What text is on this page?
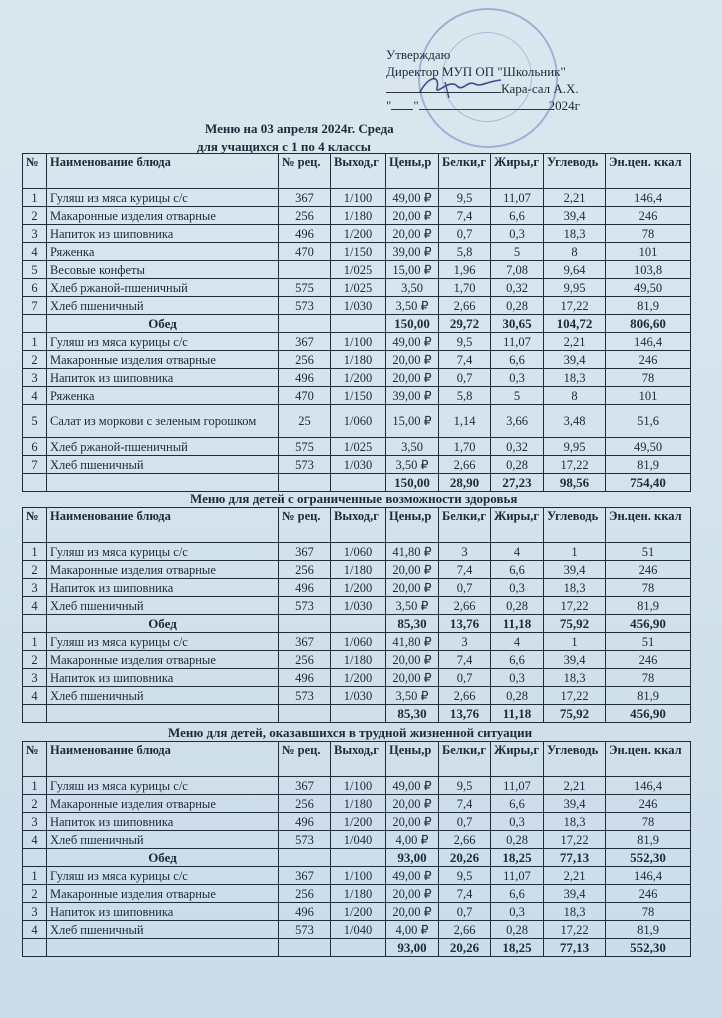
Утверждаю
Директор МУП ОП "Школьник"
Кара-сал А.Х.
" "	2024г
Меню на 03 апреля 2024г. Среда
для учащихся с 1 по 4 классы
№	Наименование блюда	№ рец.	Выход,г	Цены,р	Белки,г	Жиры,г	Углеводь	Эн.цен. ккал
1	Гуляш из мяса курицы с/с	367	1/100	49,00 ₽	9,5	11,07	2,21	146,4
2	Макаронные изделия отварные	256	1/180	20,00 ₽	7,4	6,6	39,4	246
3	Напиток из шиповника	496	1/200	20,00 ₽	0,7	0,3	18,3	78
4	Ряженка	470	1/150	39,00 ₽	5,8	5	8	101
5	Весовые конфеты		1/025	15,00 ₽	1,96	7,08	9,64	103,8
6	Хлеб ржаной-пшеничный	575	1/025	3,50	1,70	0,32	9,95	49,50
7	Хлеб пшеничный	573	1/030	3,50 ₽	2,66	0,28	17,22	81,9
	Обед			150,00	29,72	30,65	104,72	806,60
1	Гуляш из мяса курицы с/с	367	1/100	49,00 ₽	9,5	11,07	2,21	146,4
2	Макаронные изделия отварные	256	1/180	20,00 ₽	7,4	6,6	39,4	246
3	Напиток из шиповника	496	1/200	20,00 ₽	0,7	0,3	18,3	78
4	Ряженка	470	1/150	39,00 ₽	5,8	5	8	101
5	Салат из моркови с зеленым горошком	25	1/060	15,00 ₽	1,14	3,66	3,48	51,6
6	Хлеб ржаной-пшеничный	575	1/025	3,50	1,70	0,32	9,95	49,50
7	Хлеб пшеничный	573	1/030	3,50 ₽	2,66	0,28	17,22	81,9
				150,00	28,90	27,23	98,56	754,40
Меню для детей с ограниченные возможности здоровья
№	Наименование блюда	№ рец.	Выход,г	Цены,р	Белки,г	Жиры,г	Углеводь	Эн.цен. ккал
1	Гуляш из мяса курицы с/с	367	1/060	41,80 ₽	3	4	1	51
2	Макаронные изделия отварные	256	1/180	20,00 ₽	7,4	6,6	39,4	246
3	Напиток из шиповника	496	1/200	20,00 ₽	0,7	0,3	18,3	78
4	Хлеб пшеничный	573	1/030	3,50 ₽	2,66	0,28	17,22	81,9
	Обед			85,30	13,76	11,18	75,92	456,90
1	Гуляш из мяса курицы с/с	367	1/060	41,80 ₽	3	4	1	51
2	Макаронные изделия отварные	256	1/180	20,00 ₽	7,4	6,6	39,4	246
3	Напиток из шиповника	496	1/200	20,00 ₽	0,7	0,3	18,3	78
4	Хлеб пшеничный	573	1/030	3,50 ₽	2,66	0,28	17,22	81,9
				85,30	13,76	11,18	75,92	456,90
Меню для детей, оказавшихся в трудной жизненной ситуации
№	Наименование блюда	№ рец.	Выход,г	Цены,р	Белки,г	Жиры,г	Углеводь	Эн.цен. ккал
1	Гуляш из мяса курицы с/с	367	1/100	49,00 ₽	9,5	11,07	2,21	146,4
2	Макаронные изделия отварные	256	1/180	20,00 ₽	7,4	6,6	39,4	246
3	Напиток из шиповника	496	1/200	20,00 ₽	0,7	0,3	18,3	78
4	Хлеб пшеничный	573	1/040	4,00 ₽	2,66	0,28	17,22	81,9
	Обед			93,00	20,26	18,25	77,13	552,30
1	Гуляш из мяса курицы с/с	367	1/100	49,00 ₽	9,5	11,07	2,21	146,4
2	Макаронные изделия отварные	256	1/180	20,00 ₽	7,4	6,6	39,4	246
3	Напиток из шиповника	496	1/200	20,00 ₽	0,7	0,3	18,3	78
4	Хлеб пшеничный	573	1/040	4,00 ₽	2,66	0,28	17,22	81,9
				93,00	20,26	18,25	77,13	552,30
